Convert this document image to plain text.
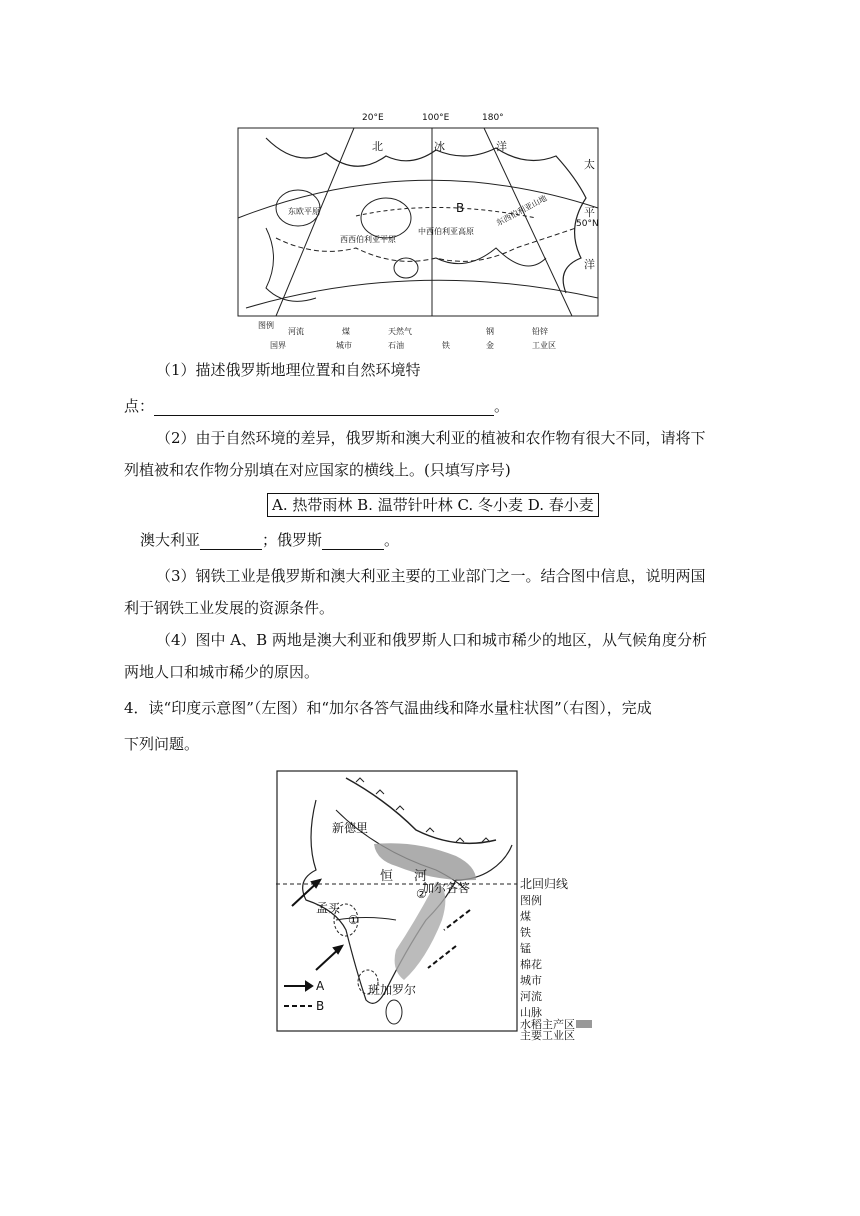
20°E	100°E	180°
50°N
北	冰	洋
太
平
洋
B
东欧平原
西西伯利亚平原
中西伯利亚高原
东西伯利亚山地
图例
河流
国界
煤
城市
天然气
石油	铁
钢
金
铅锌
工业区
（1）描述俄罗斯地理位置和自然环境特
点：	。
（2）由于自然环境的差异，俄罗斯和澳大利亚的植被和农作物有很大不同，请将下
列植被和农作物分别填在对应国家的横线上。(只填写序号)
A. 热带雨林 B. 温带针叶林 C. 冬小麦 D. 春小麦
澳大利亚	；俄罗斯	。
（3）钢铁工业是俄罗斯和澳大利亚主要的工业部门之一。结合图中信息，说明两国
利于钢铁工业发展的资源条件。
（4）图中 A、B 两地是澳大利亚和俄罗斯人口和城市稀少的地区，从气候角度分析
两地人口和城市稀少的原因。
4．读“印度示意图”（左图）和“加尔各答气温曲线和降水量柱状图”（右图），完成
下列问题。
新德里
孟买
加尔各答
班加罗尔
恒 河
①
②
A
B
北回归线
图例
煤
铁
锰
棉花
城市
河流
山脉
水稻主产区
主要工业区
